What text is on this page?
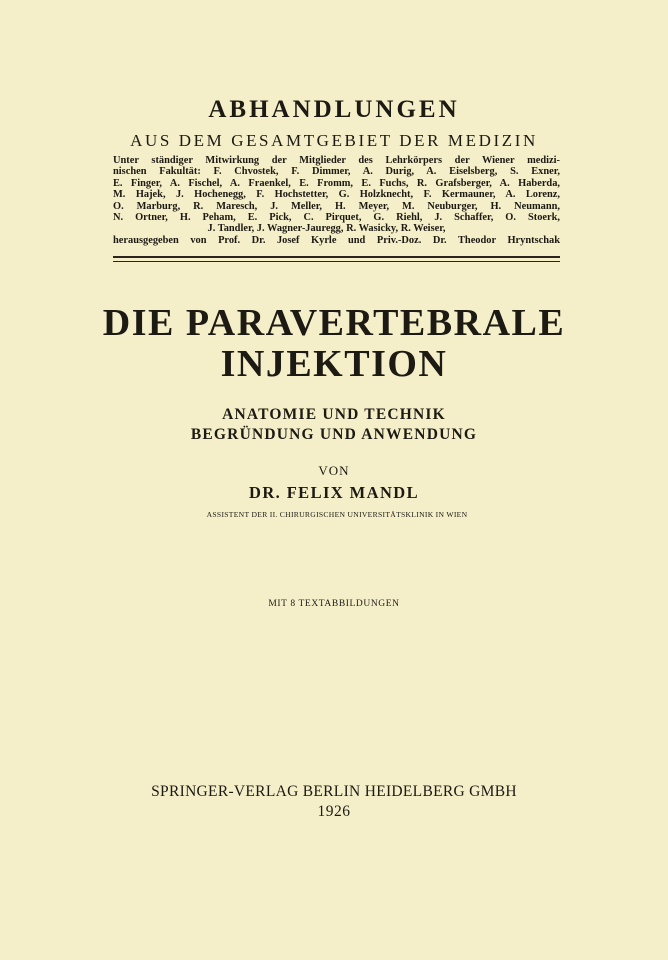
ABHANDLUNGEN
AUS DEM GESAMTGEBIET DER MEDIZIN
Unter ständiger Mitwirkung der Mitglieder des Lehrkörpers der Wiener medizi-
nischen Fakultät: F. Chvostek, F. Dimmer, A. Durig, A. Eiselsberg, S. Exner,
E. Finger, A. Fischel, A. Fraenkel, E. Fromm, E. Fuchs, R. Grafsberger, A. Haberda,
M. Hajek, J. Hochenegg, F. Hochstetter, G. Holzknecht, F. Kermauner, A. Lorenz,
O. Marburg, R. Maresch, J. Meller, H. Meyer, M. Neuburger, H. Neumann,
N. Ortner, H. Peham, E. Pick, C. Pirquet, G. Riehl, J. Schaffer, O. Stoerk,
J. Tandler, J. Wagner-Jauregg, R. Wasicky, R. Weiser,
herausgegeben von Prof. Dr. Josef Kyrle und Priv.-Doz. Dr. Theodor Hryntschak
DIE PARAVERTEBRALE
INJEKTION
ANATOMIE UND TECHNIK
BEGRÜNDUNG UND ANWENDUNG
VON
DR. FELIX MANDL
ASSISTENT DER II. CHIRURGISCHEN UNIVERSITÄTSKLINIK IN WIEN
MIT 8 TEXTABBILDUNGEN
SPRINGER-VERLAG BERLIN HEIDELBERG GMBH
1926
